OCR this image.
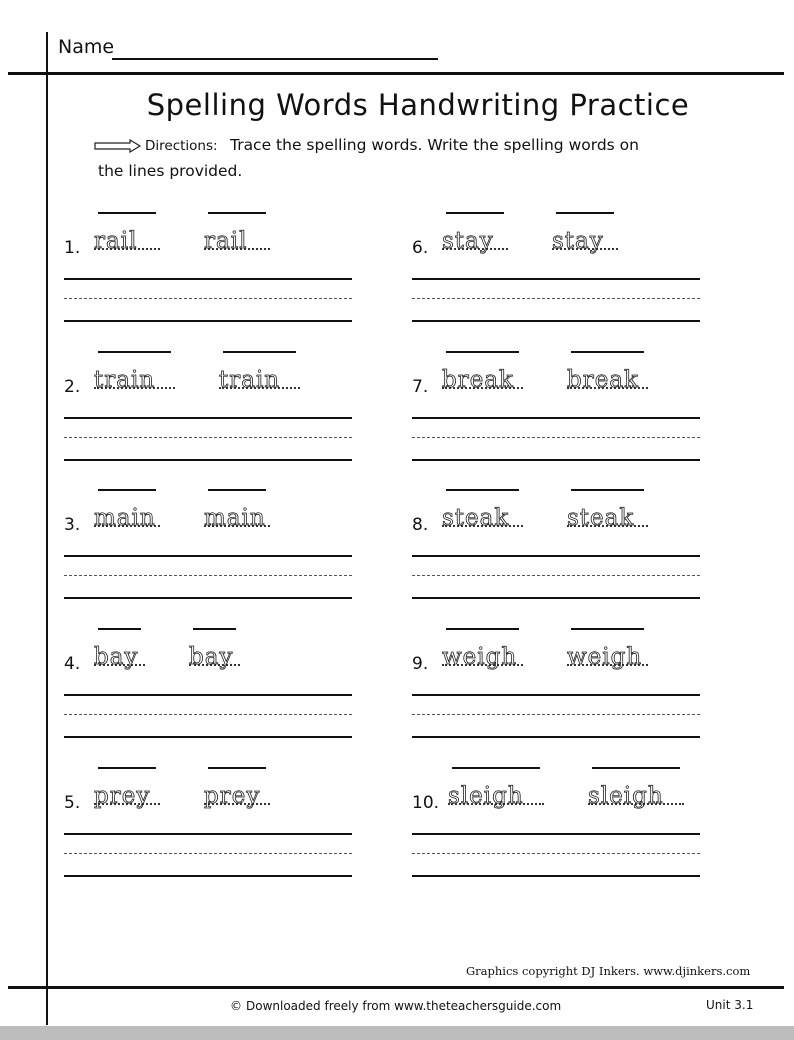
Name
Spelling Words Handwriting Practice
Directions: Trace the spelling words. Write the spelling words on
the lines provided.
1. rail	rail
2. train	train
3. main main
4. bay bay
5. prey prey
6. stay	stay
7. break break
8. steak	steak
9. weigh weigh
10. sleigh	sleigh
Graphics copyright DJ Inkers. www.djinkers.com
© Downloaded freely from www.theteachersguide.com	Unit 3.1
